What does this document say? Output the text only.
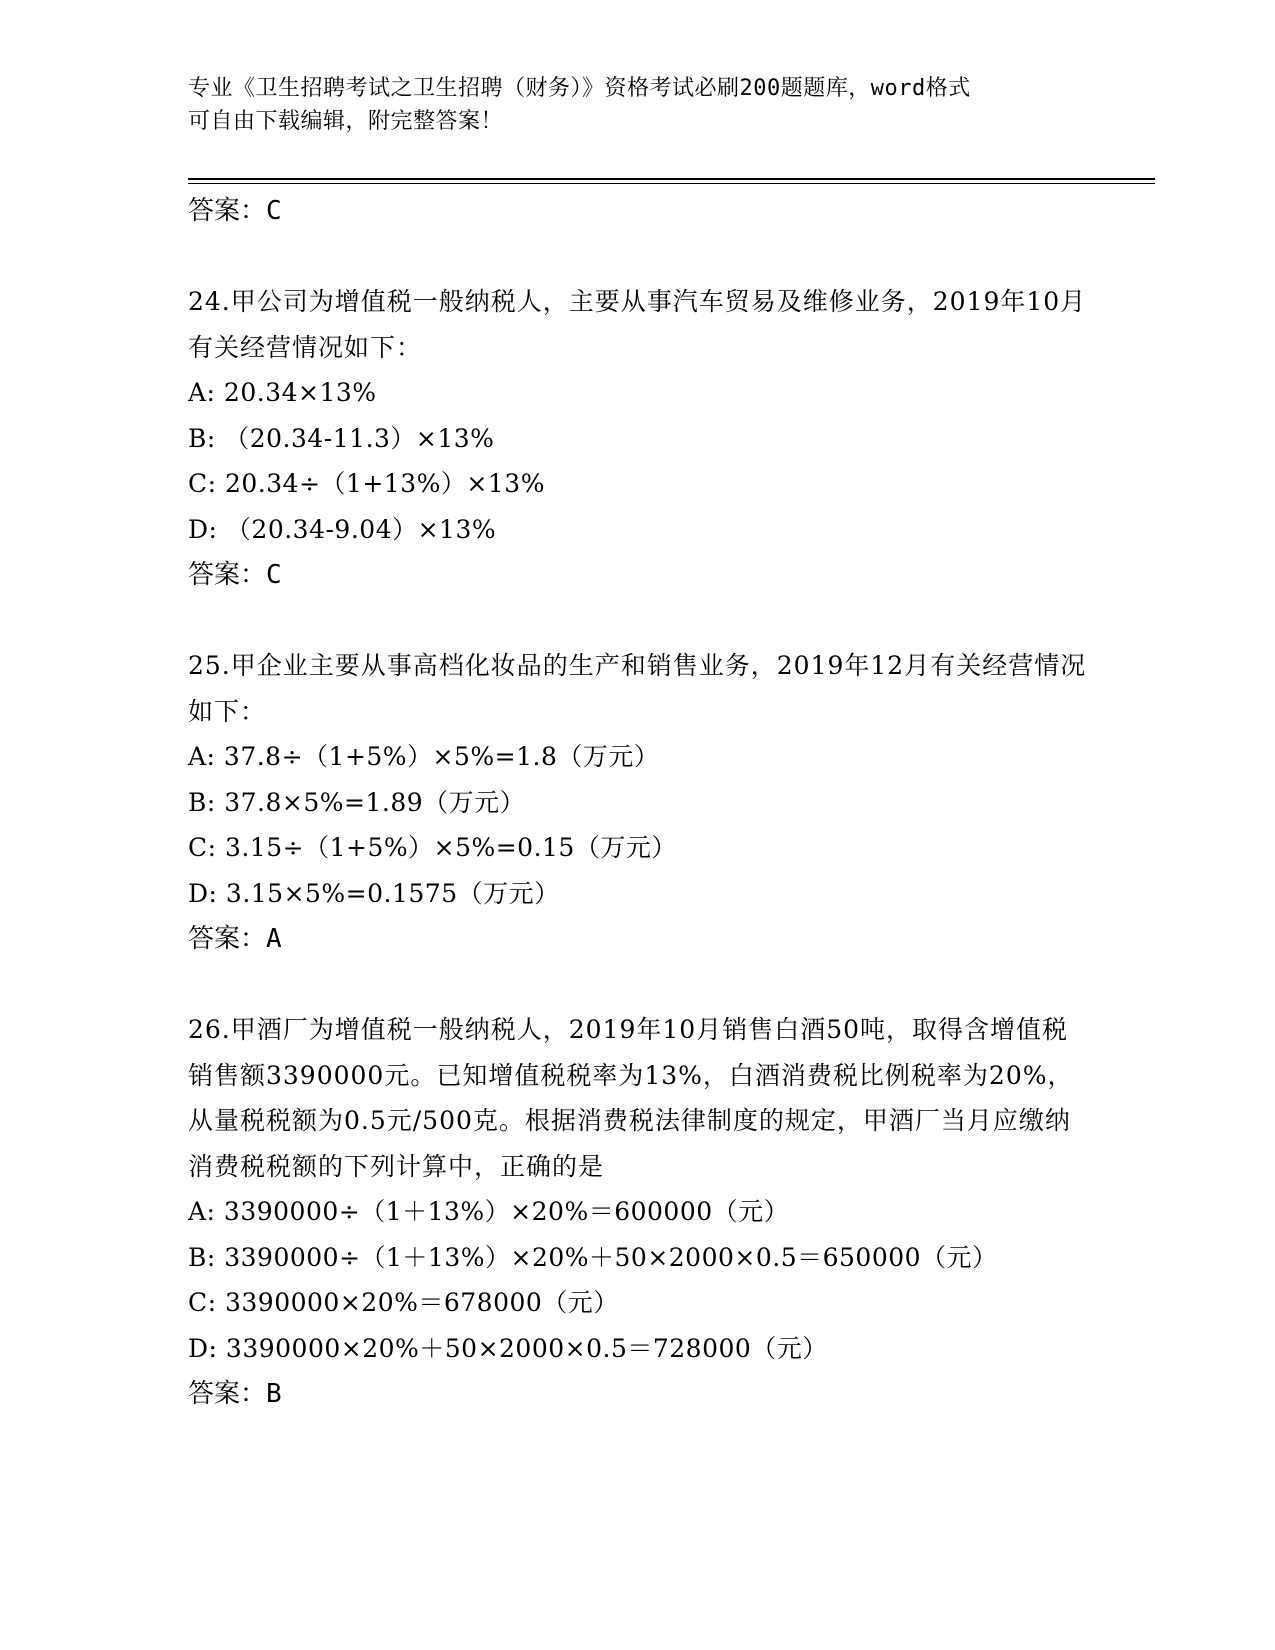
专业《卫生招聘考试之卫生招聘（财务）》资格考试必刷200题题库，word格式
可自由下载编辑，附完整答案！
答案：C
24.甲公司为增值税一般纳税人，主要从事汽车贸易及维修业务，2019年10月有关经营情况如下：
A: 20.34×13%
B: （20.34-11.3）×13%
C: 20.34÷（1+13%）×13%
D: （20.34-9.04）×13%
答案：C
25.甲企业主要从事高档化妆品的生产和销售业务，2019年12月有关经营情况如下：
A: 37.8÷（1+5%）×5%=1.8（万元）
B: 37.8×5%=1.89（万元）
C: 3.15÷（1+5%）×5%=0.15（万元）
D: 3.15×5%=0.1575（万元）
答案：A
26.甲酒厂为增值税一般纳税人，2019年10月销售白酒50吨，取得含增值税销售额3390000元。已知增值税税率为13%，白酒消费税比例税率为20%，从量税税额为0.5元/500克。根据消费税法律制度的规定，甲酒厂当月应缴纳消费税税额的下列计算中，正确的是
A: 3390000÷（1＋13%）×20%＝600000（元）
B: 3390000÷（1＋13%）×20%＋50×2000×0.5＝650000（元）
C: 3390000×20%＝678000（元）
D: 3390000×20%＋50×2000×0.5＝728000（元）
答案：B
